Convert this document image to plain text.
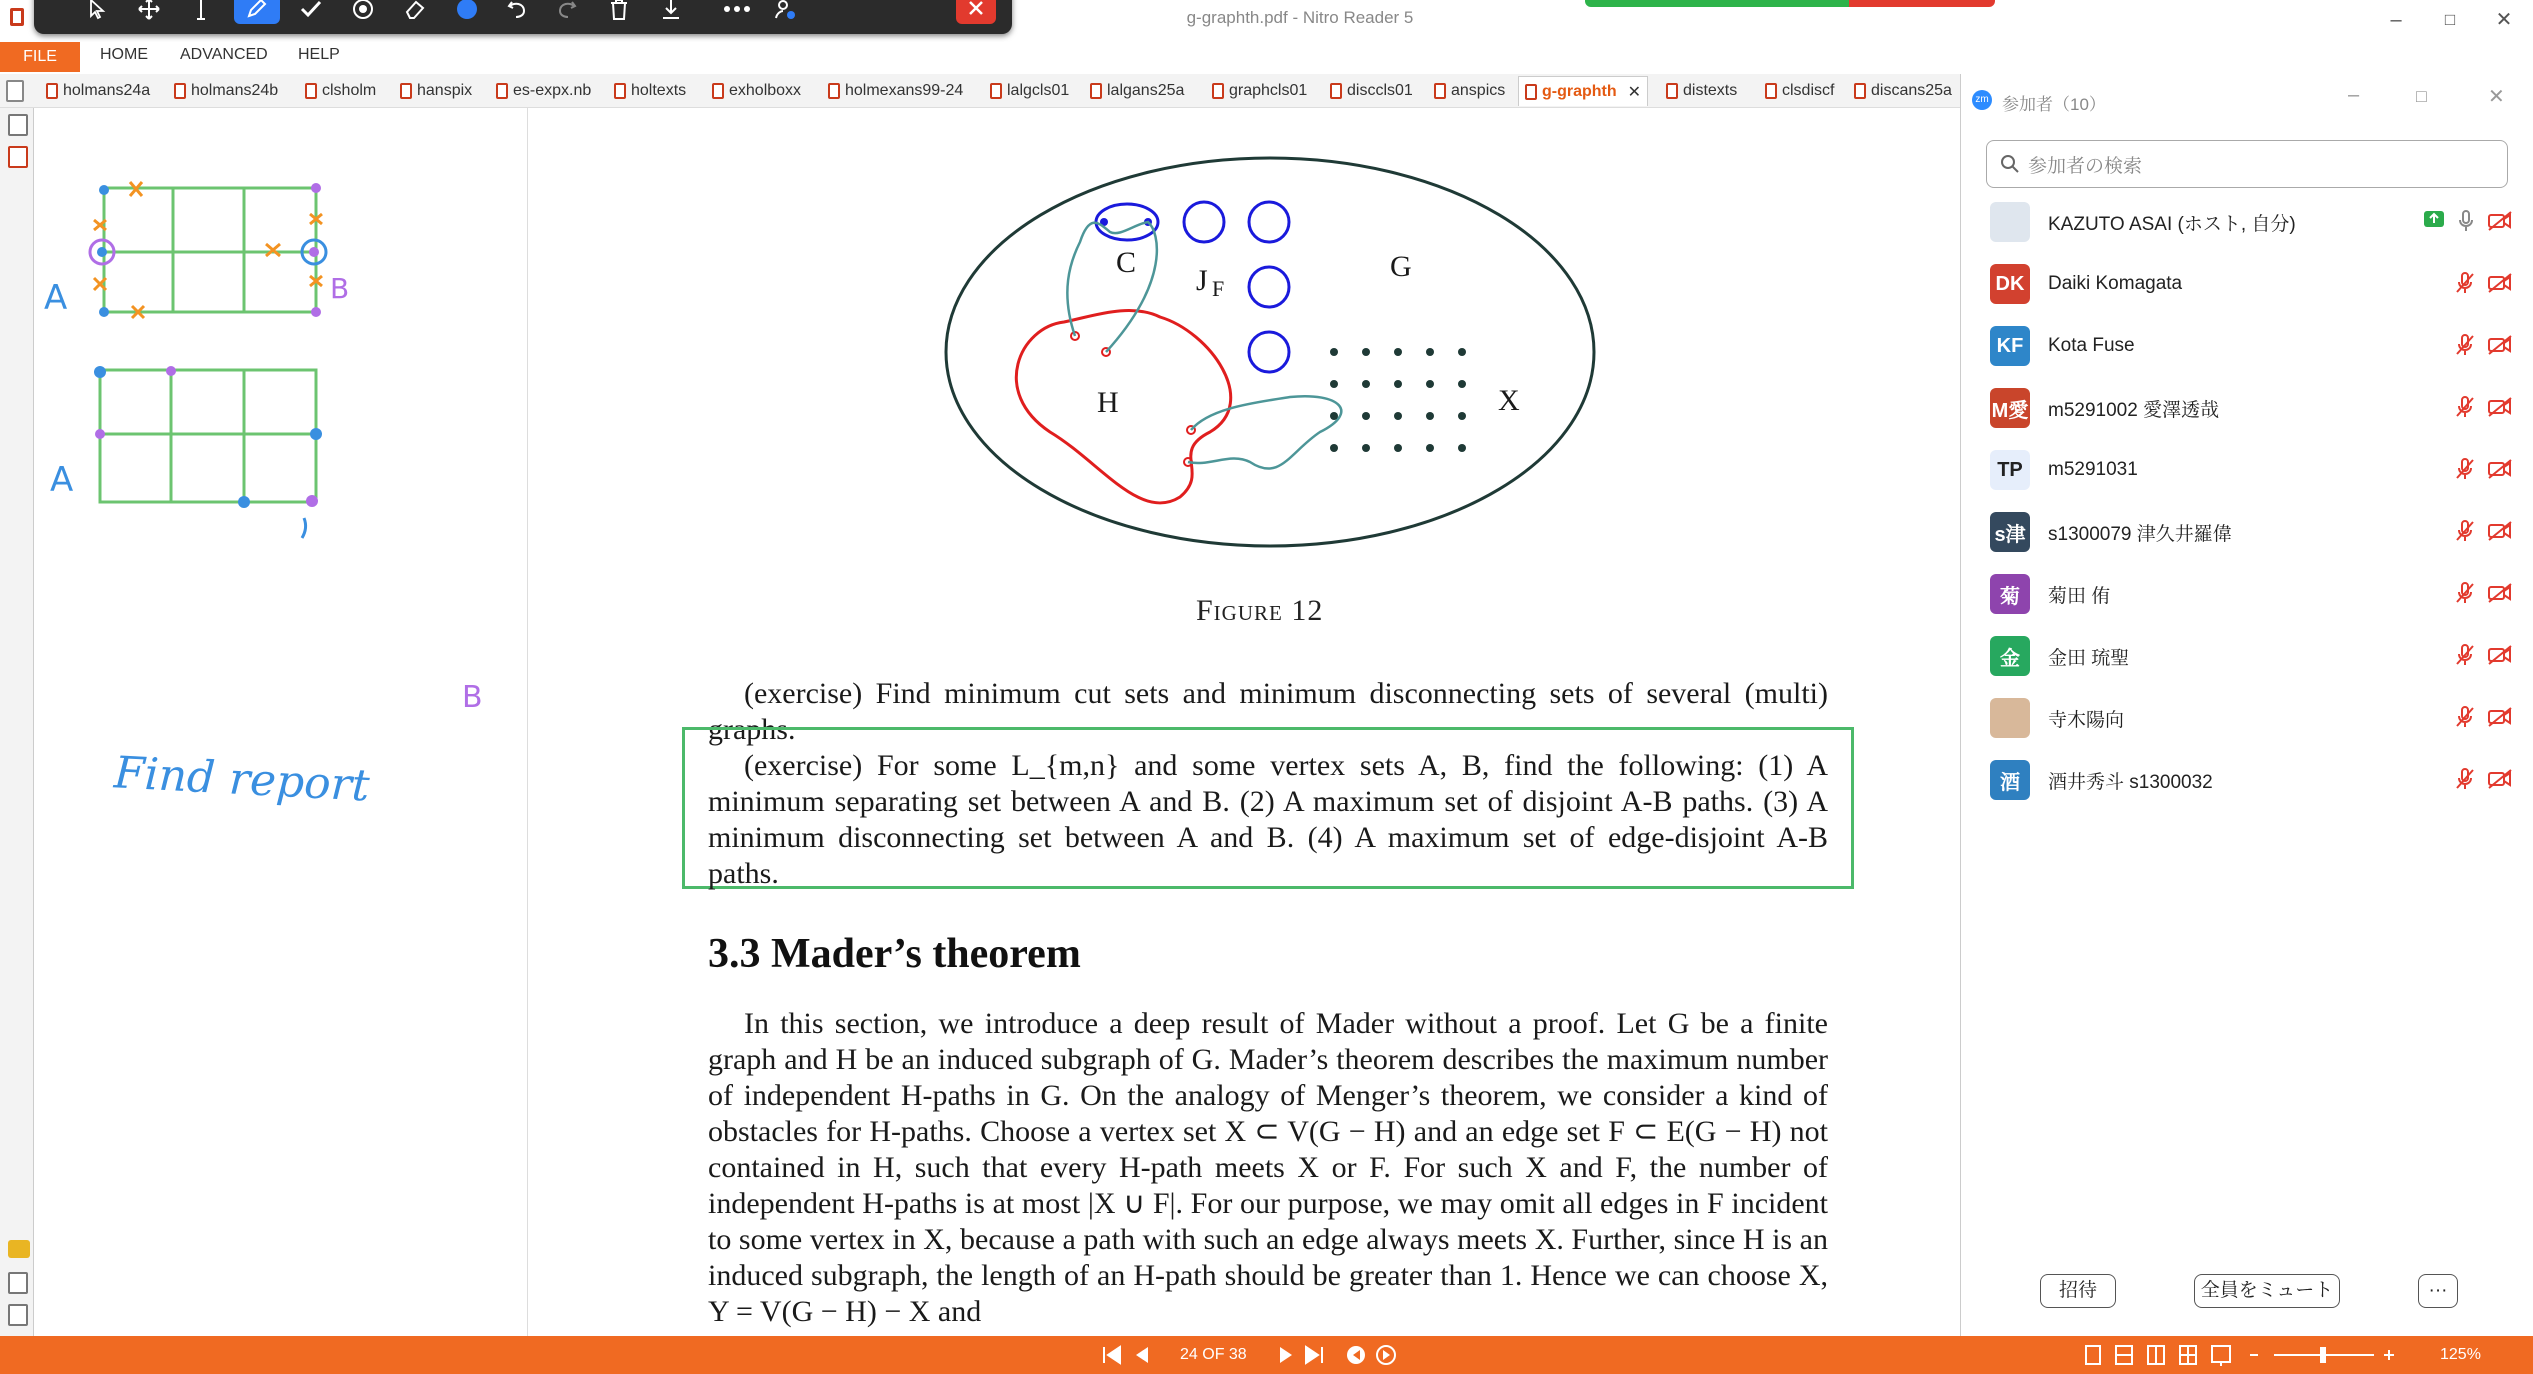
g-graphth.pdf - Nitro Reader 5	–	□	✕
FILE	HOME ADVANCED HELP
holmans24a	holmans24b	clsholm	hanspix	es-expx.nb holtexts	exholboxx	holmexans99-24	lalgcls01 lalgans25a	graphcls01 disccls01 anspics g-graphth ✕	distexts	clsdiscf discans25a
A	B
A
B
Find report
C
J F
G
H	X
Figure 12
(exercise) Find minimum cut sets and minimum disconnecting sets of several (multi) graphs.
(exercise) For some L_{m,n} and some vertex sets A, B, find the following: (1) A minimum separating set between A and B. (2) A maximum set of disjoint A-B paths. (3) A minimum disconnecting set between A and B. (4) A maximum set of edge-disjoint A-B paths.
3.3 Mader’s theorem
In this section, we introduce a deep result of Mader without a proof. Let G be a finite graph and H be an induced subgraph of G. Mader’s theorem describes the maximum number of independent H-paths in G. On the analogy of Menger’s theorem, we consider a kind of obstacles for H-paths. Choose a vertex set X ⊂ V(G − H) and an edge set F ⊂ E(G − H) not contained in H, such that every H-path meets X or F. For such X and F, the number of independent H-paths is at most |X ∪ F|. For our purpose, we may omit all edges in F incident to some vertex in X, because a path with such an edge always meets X. Further, since H is an induced subgraph, the length of an H-path should be greater than 1. Hence we can choose X, Y = V(G − H) − X and
zm 参加者（10）	–	□	✕
参加者の検索
KAZUTO ASAI (ホスト, 自分)
DK Daiki Komagata
KF	Kota Fuse
M愛 m5291002 愛澤透哉
TP	m5291031
s津 s1300079 津久井羅偉
菊	菊田 侑
金	金田 琉聖
寺木陽向
酒	酒井秀斗 s1300032
招待	全員をミュート	···
24 OF 38	125%
